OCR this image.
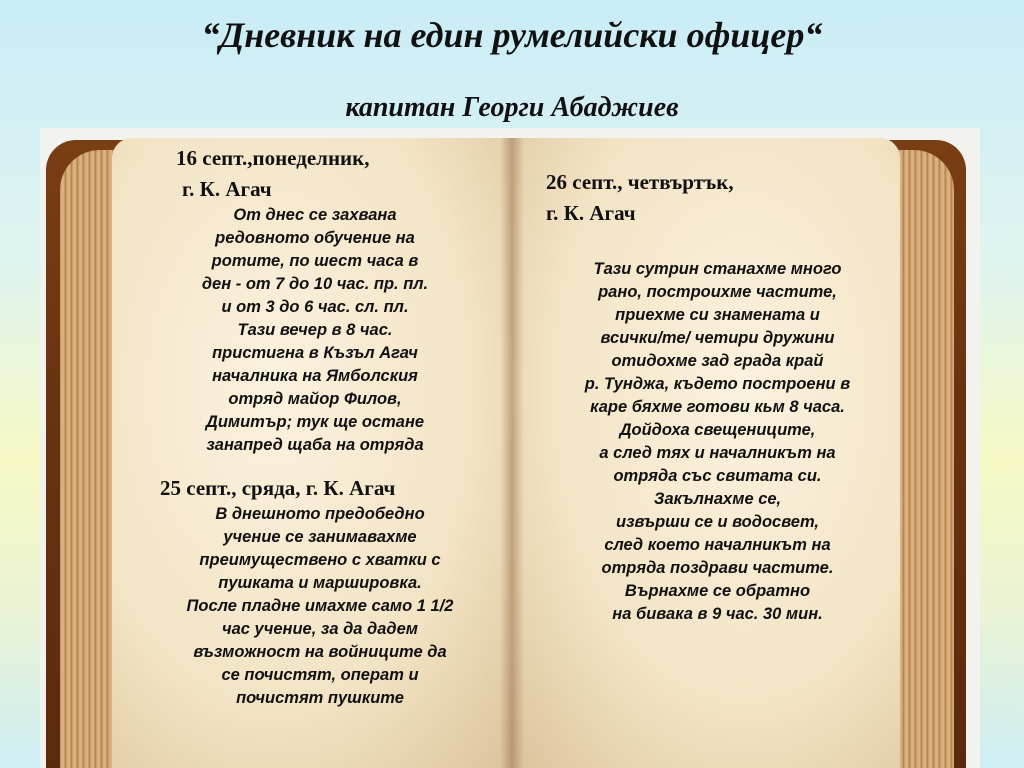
“Дневник на един румелийски офицер“
капитан Георги Абаджиев
16 септ.,понеделник,
г. К. Агач
От днес се захвана
редовното обучение на
ротите, по шест часа в
ден - от 7 до 10 час. пр. пл.
и от 3 до 6 час. сл. пл.
Тази вечер в 8 час.
пристигна в Къзъл Агач
началника на Ямболския
отряд майор Филов,
Димитър; тук ще остане
занапред щаба на отряда
25 септ., сряда, г. К. Агач
В днешното предобедно
учение се занимавахме
преимуществено с хватки с
пушката и маршировка.
После пладне имахме само 1 1/2
час учение, за да дадем
възможност на войниците да
се почистят, операт и
почистят пушките
26 септ., четвъртък,
г. К. Агач
Тази сутрин станахме много
рано, построихме частите,
приехме си знамената и
всички/те/ четири дружини
отидохме зад града край
р. Тунджа, където построени в
каре бяхме готови кьм 8 часа.
Дойдоха свещениците,
а след тях и началникът на
отряда със свитата си.
Закълнахме се,
извърши се и водосвет,
след което началникът на
отряда поздрави частите.
Върнахме се обратно
на бивака в 9 час. 30 мин.
